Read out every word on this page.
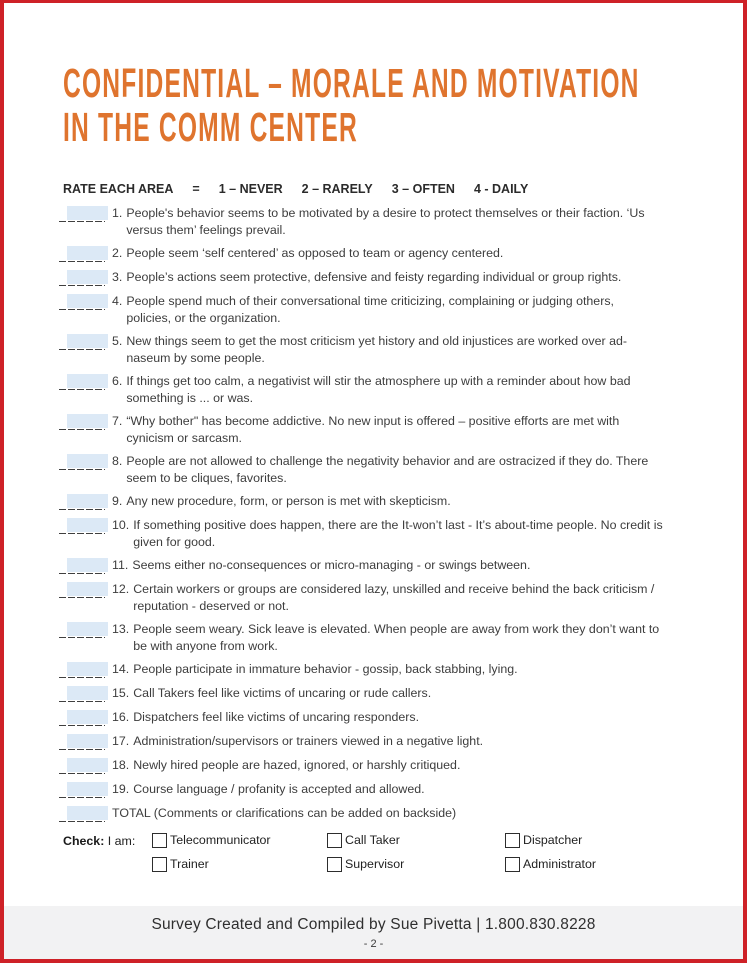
CONFIDENTIAL – MORALE AND MOTIVATION
IN THE COMM CENTER
RATE EACH AREA = 1 – NEVER 2 – RARELY 3 – OFTEN 4 - DAILY
1. People's behavior seems to be motivated by a desire to protect themselves or their faction. ‘Us versus them’ feelings prevail.
2. People seem ‘self centered’ as opposed to team or agency centered.
3. People’s actions seem protective, defensive and feisty regarding individual or group rights.
4. People spend much of their conversational time criticizing, complaining or judging others, policies, or the organization.
5. New things seem to get the most criticism yet history and old injustices are worked over ad-naseum by some people.
6. If things get too calm, a negativist will stir the atmosphere up with a reminder about how bad something is ... or was.
7. “Why bother" has become addictive. No new input is offered – positive efforts are met with cynicism or sarcasm.
8. People are not allowed to challenge the negativity behavior and are ostracized if they do. There seem to be cliques, favorites.
9. Any new procedure, form, or person is met with skepticism.
10. If something positive does happen, there are the It-won’t last - It’s about-time people. No credit is given for good.
11. Seems either no-consequences or micro-managing - or swings between.
12. Certain workers or groups are considered lazy, unskilled and receive behind the back criticism / reputation - deserved or not.
13. People seem weary. Sick leave is elevated. When people are away from work they don’t want to be with anyone from work.
14. People participate in immature behavior - gossip, back stabbing, lying.
15. Call Takers feel like victims of uncaring or rude callers.
16. Dispatchers feel like victims of uncaring responders.
17. Administration/supervisors or trainers viewed in a negative light.
18. Newly hired people are hazed, ignored, or harshly critiqued.
19. Course language / profanity is accepted and allowed.
TOTAL (Comments or clarifications can be added on backside)
Check: I am:	Telecommunicator	Call Taker	Dispatcher
Trainer	Supervisor	Administrator
Survey Created and Compiled by Sue Pivetta | 1.800.830.8228
- 2 -
